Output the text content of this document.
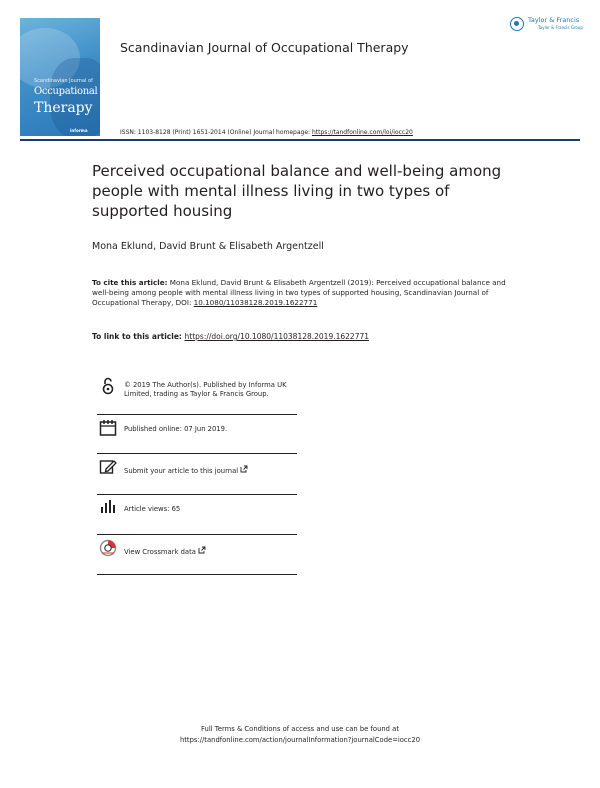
Scandinavian Journal of
Occupational
Therapy
informa
Scandinavian Journal of Occupational Therapy
Taylor & Francis
Taylor & Francis Group
ISSN: 1103-8128 (Print) 1651-2014 (Online) Journal homepage: https://tandfonline.com/loi/iocc20
Perceived occupational balance and well-being among people with mental illness living in two types of supported housing
Mona Eklund, David Brunt & Elisabeth Argentzell
To cite this article: Mona Eklund, David Brunt & Elisabeth Argentzell (2019): Perceived occupational balance and well-being among people with mental illness living in two types of supported housing, Scandinavian Journal of Occupational Therapy, DOI: 10.1080/11038128.2019.1622771
To link to this article: https://doi.org/10.1080/11038128.2019.1622771
© 2019 The Author(s). Published by Informa UK Limited, trading as Taylor & Francis Group.
Published online: 07 Jun 2019.
Submit your article to this journal
Article views: 65
View Crossmark data
Full Terms & Conditions of access and use can be found at
https://tandfonline.com/action/journalInformation?journalCode=iocc20
